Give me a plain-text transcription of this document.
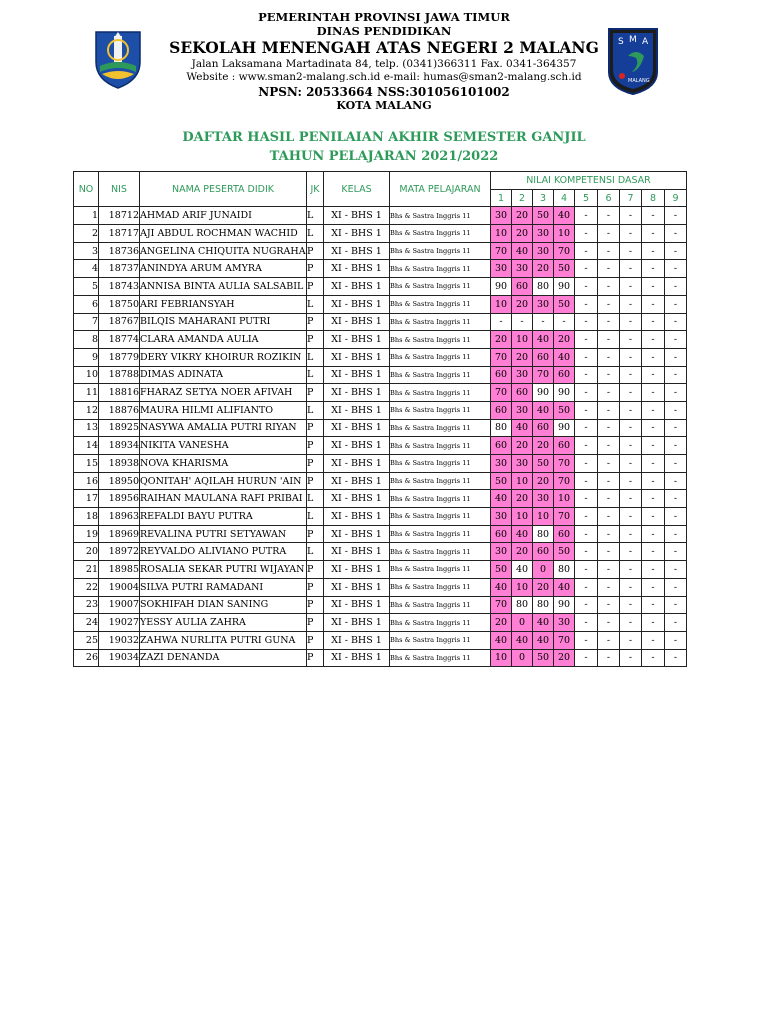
S M A
MALANG
PEMERINTAH PROVINSI JAWA TIMUR
DINAS PENDIDIKAN
SEKOLAH MENENGAH ATAS NEGERI 2 MALANG
Jalan Laksamana Martadinata 84, telp. (0341)366311 Fax. 0341-364357
Website : www.sman2-malang.sch.id e-mail: humas@sman2-malang.sch.id
NPSN: 20533664 NSS:301056101002
KOTA MALANG
DAFTAR HASIL PENILAIAN AKHIR SEMESTER GANJIL
TAHUN PELAJARAN 2021/2022
NO	NIS	NAMA PESERTA DIDIK	JK	KELAS	MATA PELAJARAN	NILAI KOMPETENSI DASAR								
						1	2	3	4	5	6	7	8	9
1	18712	AHMAD ARIF JUNAIDI	L	XI - BHS 1	Bhs & Sastra Inggris 11	30	20	50	40	-	-	-	-	-
2	18717	AJI ABDUL ROCHMAN WACHID	L	XI - BHS 1	Bhs & Sastra Inggris 11	10	20	30	10	-	-	-	-	-
3	18736	ANGELINA CHIQUITA NUGRAHA	P	XI - BHS 1	Bhs & Sastra Inggris 11	70	40	30	70	-	-	-	-	-
4	18737	ANINDYA ARUM AMYRA	P	XI - BHS 1	Bhs & Sastra Inggris 11	30	30	20	50	-	-	-	-	-
5	18743	ANNISA BINTA AULIA SALSABIL	P	XI - BHS 1	Bhs & Sastra Inggris 11	90	60	80	90	-	-	-	-	-
6	18750	ARI FEBRIANSYAH	L	XI - BHS 1	Bhs & Sastra Inggris 11	10	20	30	50	-	-	-	-	-
7	18767	BILQIS MAHARANI PUTRI	P	XI - BHS 1	Bhs & Sastra Inggris 11	-	-	-	-	-	-	-	-	-
8	18774	CLARA AMANDA AULIA	P	XI - BHS 1	Bhs & Sastra Inggris 11	20	10	40	20	-	-	-	-	-
9	18779	DERY VIKRY KHOIRUR ROZIKIN	L	XI - BHS 1	Bhs & Sastra Inggris 11	70	20	60	40	-	-	-	-	-
10	18788	DIMAS ADINATA	L	XI - BHS 1	Bhs & Sastra Inggris 11	60	30	70	60	-	-	-	-	-
11	18816	FHARAZ SETYA NOER AFIVAH	P	XI - BHS 1	Bhs & Sastra Inggris 11	70	60	90	90	-	-	-	-	-
12	18876	MAURA HILMI ALIFIANTO	L	XI - BHS 1	Bhs & Sastra Inggris 11	60	30	40	50	-	-	-	-	-
13	18925	NASYWA AMALIA PUTRI RIYAN	P	XI - BHS 1	Bhs & Sastra Inggris 11	80	40	60	90	-	-	-	-	-
14	18934	NIKITA VANESHA	P	XI - BHS 1	Bhs & Sastra Inggris 11	60	20	20	60	-	-	-	-	-
15	18938	NOVA KHARISMA	P	XI - BHS 1	Bhs & Sastra Inggris 11	30	30	50	70	-	-	-	-	-
16	18950	QONITAH' AQILAH HURUN 'AIN	P	XI - BHS 1	Bhs & Sastra Inggris 11	50	10	20	70	-	-	-	-	-
17	18956	RAIHAN MAULANA RAFI PRIBAI	L	XI - BHS 1	Bhs & Sastra Inggris 11	40	20	30	10	-	-	-	-	-
18	18963	REFALDI BAYU PUTRA	L	XI - BHS 1	Bhs & Sastra Inggris 11	30	10	10	70	-	-	-	-	-
19	18969	REVALINA PUTRI SETYAWAN	P	XI - BHS 1	Bhs & Sastra Inggris 11	60	40	80	60	-	-	-	-	-
20	18972	REYVALDO ALIVIANO PUTRA	L	XI - BHS 1	Bhs & Sastra Inggris 11	30	20	60	50	-	-	-	-	-
21	18985	ROSALIA SEKAR PUTRI WIJAYAN	P	XI - BHS 1	Bhs & Sastra Inggris 11	50	40	0	80	-	-	-	-	-
22	19004	SILVA PUTRI RAMADANI	P	XI - BHS 1	Bhs & Sastra Inggris 11	40	10	20	40	-	-	-	-	-
23	19007	SOKHIFAH DIAN SANING	P	XI - BHS 1	Bhs & Sastra Inggris 11	70	80	80	90	-	-	-	-	-
24	19027	YESSY AULIA ZAHRA	P	XI - BHS 1	Bhs & Sastra Inggris 11	20	0	40	30	-	-	-	-	-
25	19032	ZAHWA NURLITA PUTRI GUNA	P	XI - BHS 1	Bhs & Sastra Inggris 11	40	40	40	70	-	-	-	-	-
26	19034	ZAZI DENANDA	P	XI - BHS 1	Bhs & Sastra Inggris 11	10	0	50	20	-	-	-	-	-
